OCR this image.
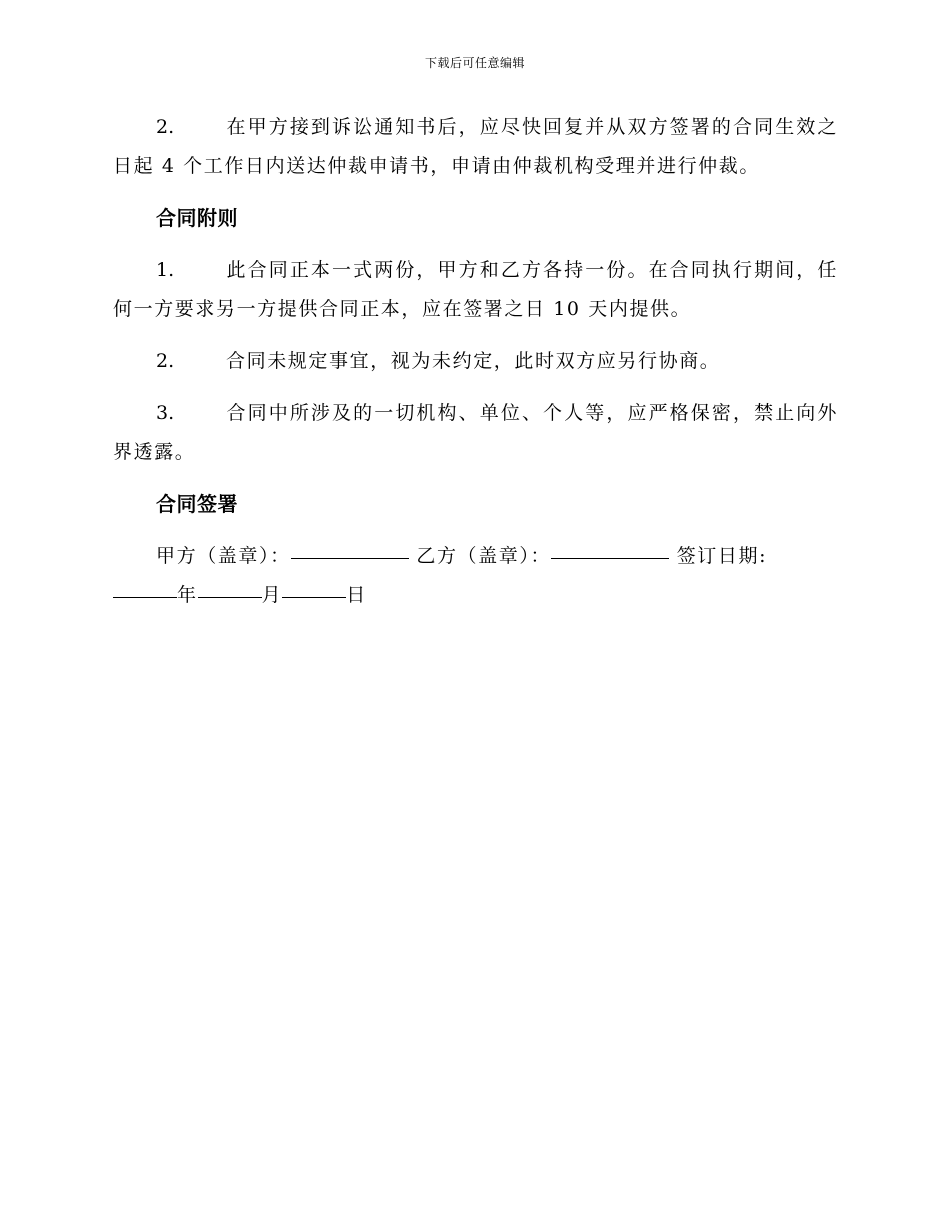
下载后可任意编辑

2.	在甲方接到诉讼通知书后，应尽快回复并从双方签署的合同生效之日起 4 个工作日内送达仲裁申请书，申请由仲裁机构受理并进行仲裁。

合同附则

1.	此合同正本一式两份，甲方和乙方各持一份。在合同执行期间，任何一方要求另一方提供合同正本，应在签署之日 10 天内提供。

2.	合同未规定事宜，视为未约定，此时双方应另行协商。

3.	合同中所涉及的一切机构、单位、个人等，应严格保密，禁止向外界透露。

合同签署
甲方（盖章）：	乙方（盖章）：	签订日期:
年	月	日
